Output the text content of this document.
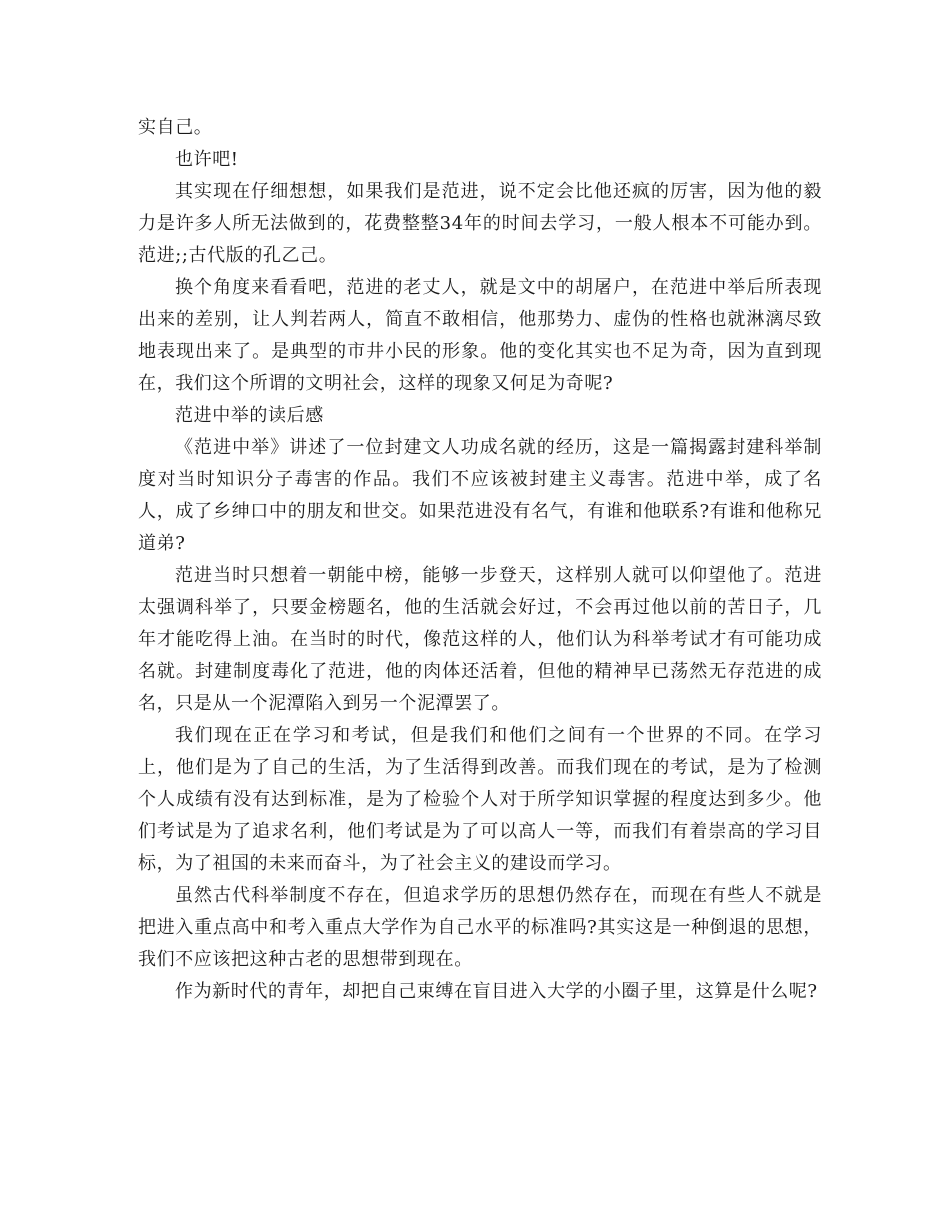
实自己。

也许吧!

其实现在仔细想想，如果我们是范进，说不定会比他还疯的厉害，因为他的毅力是许多人所无法做到的，花费整整34年的时间去学习，一般人根本不可能办到。范进;;古代版的孔乙己。

换个角度来看看吧，范进的老丈人，就是文中的胡屠户，在范进中举后所表现出来的差别，让人判若两人，简直不敢相信，他那势力、虚伪的性格也就淋漓尽致地表现出来了。是典型的市井小民的形象。他的变化其实也不足为奇，因为直到现在，我们这个所谓的文明社会，这样的现象又何足为奇呢?

范进中举的读后感

《范进中举》讲述了一位封建文人功成名就的经历，这是一篇揭露封建科举制度对当时知识分子毒害的作品。我们不应该被封建主义毒害。范进中举，成了名人，成了乡绅口中的朋友和世交。如果范进没有名气，有谁和他联系?有谁和他称兄道弟?

范进当时只想着一朝能中榜，能够一步登天，这样别人就可以仰望他了。范进太强调科举了，只要金榜题名，他的生活就会好过，不会再过他以前的苦日子，几年才能吃得上油。在当时的时代，像范这样的人，他们认为科举考试才有可能功成名就。封建制度毒化了范进，他的肉体还活着，但他的精神早已荡然无存范进的成名，只是从一个泥潭陷入到另一个泥潭罢了。

我们现在正在学习和考试，但是我们和他们之间有一个世界的不同。在学习上，他们是为了自己的生活，为了生活得到改善。而我们现在的考试，是为了检测个人成绩有没有达到标准，是为了检验个人对于所学知识掌握的程度达到多少。他们考试是为了追求名利，他们考试是为了可以高人一等，而我们有着崇高的学习目标，为了祖国的未来而奋斗，为了社会主义的建设而学习。

虽然古代科举制度不存在，但追求学历的思想仍然存在，而现在有些人不就是把进入重点高中和考入重点大学作为自己水平的标准吗?其实这是一种倒退的思想，我们不应该把这种古老的思想带到现在。

作为新时代的青年，却把自己束缚在盲目进入大学的小圈子里，这算是什么呢?
